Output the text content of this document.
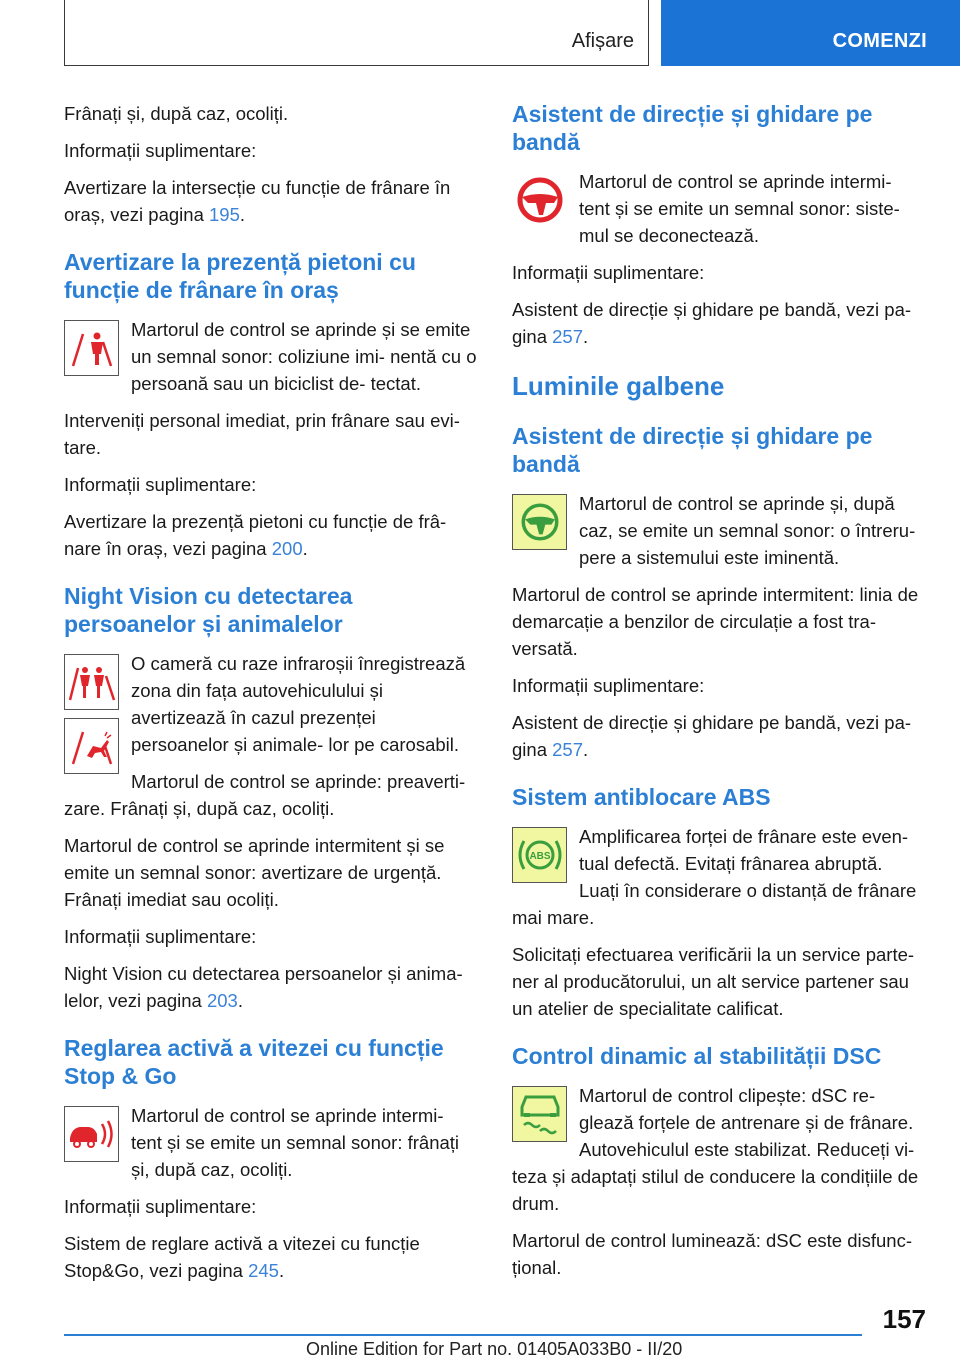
Afișare	COMENZI

Frânați și, după caz, ocoliți.

Informații suplimentare:

Avertizare la intersecție cu funcție de frânare în oraș, vezi pagina 195.

Avertizare la prezență pietoni cu funcție de frânare în oraș

Martorul de control se aprinde și se emite un semnal sonor: coliziune imi- nentă cu o persoană sau un biciclist de- tectat.

Interveniți personal imediat, prin frânare sau evi- tare.

Informații suplimentare:

Avertizare la prezență pietoni cu funcție de frâ- nare în oraș, vezi pagina 200.

Night Vision cu detectarea persoanelor și animalelor

O cameră cu raze infraroșii înregistrează zona din fața autovehiculului și avertizează în cazul prezenței persoanelor și animale- lor pe carosabil.

Martorul de control se aprinde: preaverti- zare. Frânați și, după caz, ocoliți.

Martorul de control se aprinde intermitent și se emite un semnal sonor: avertizare de urgență. Frânați imediat sau ocoliți.

Informații suplimentare:

Night Vision cu detectarea persoanelor și anima- lelor, vezi pagina 203.

Reglarea activă a vitezei cu funcție Stop & Go

Martorul de control se aprinde intermi- tent și se emite un semnal sonor: frânați și, după caz, ocoliți.

Informații suplimentare:

Sistem de reglare activă a vitezei cu funcție Stop&Go, vezi pagina 245.

Asistent de direcție și ghidare pe bandă

Martorul de control se aprinde intermi- tent și se emite un semnal sonor: siste- mul se deconectează.

Informații suplimentare:

Asistent de direcție și ghidare pe bandă, vezi pa- gina 257.

Luminile galbene
Asistent de direcție și ghidare pe bandă

Martorul de control se aprinde și, după caz, se emite un semnal sonor: o întreru- pere a sistemului este iminentă.

Martorul de control se aprinde intermitent: linia de demarcație a benzilor de circulație a fost tra- versată.

Informații suplimentare:

Asistent de direcție și ghidare pe bandă, vezi pa- gina 257.

Sistem antiblocare ABS
ABS

Amplificarea forței de frânare este even- tual defectă. Evitați frânarea abruptă. Luați în considerare o distanță de frânare mai mare.

Solicitați efectuarea verificării la un service parte- ner al producătorului, un alt service partener sau un atelier de specialitate calificat.

Control dinamic al stabilității DSC

Martorul de control clipește: dSC re- glează forțele de antrenare și de frânare. Autovehiculul este stabilizat. Reduceți vi- teza și adaptați stilul de conducere la condițiile de drum.

Martorul de control luminează: dSC este disfunc- țional.

157
Online Edition for Part no. 01405A033B0 - II/20
